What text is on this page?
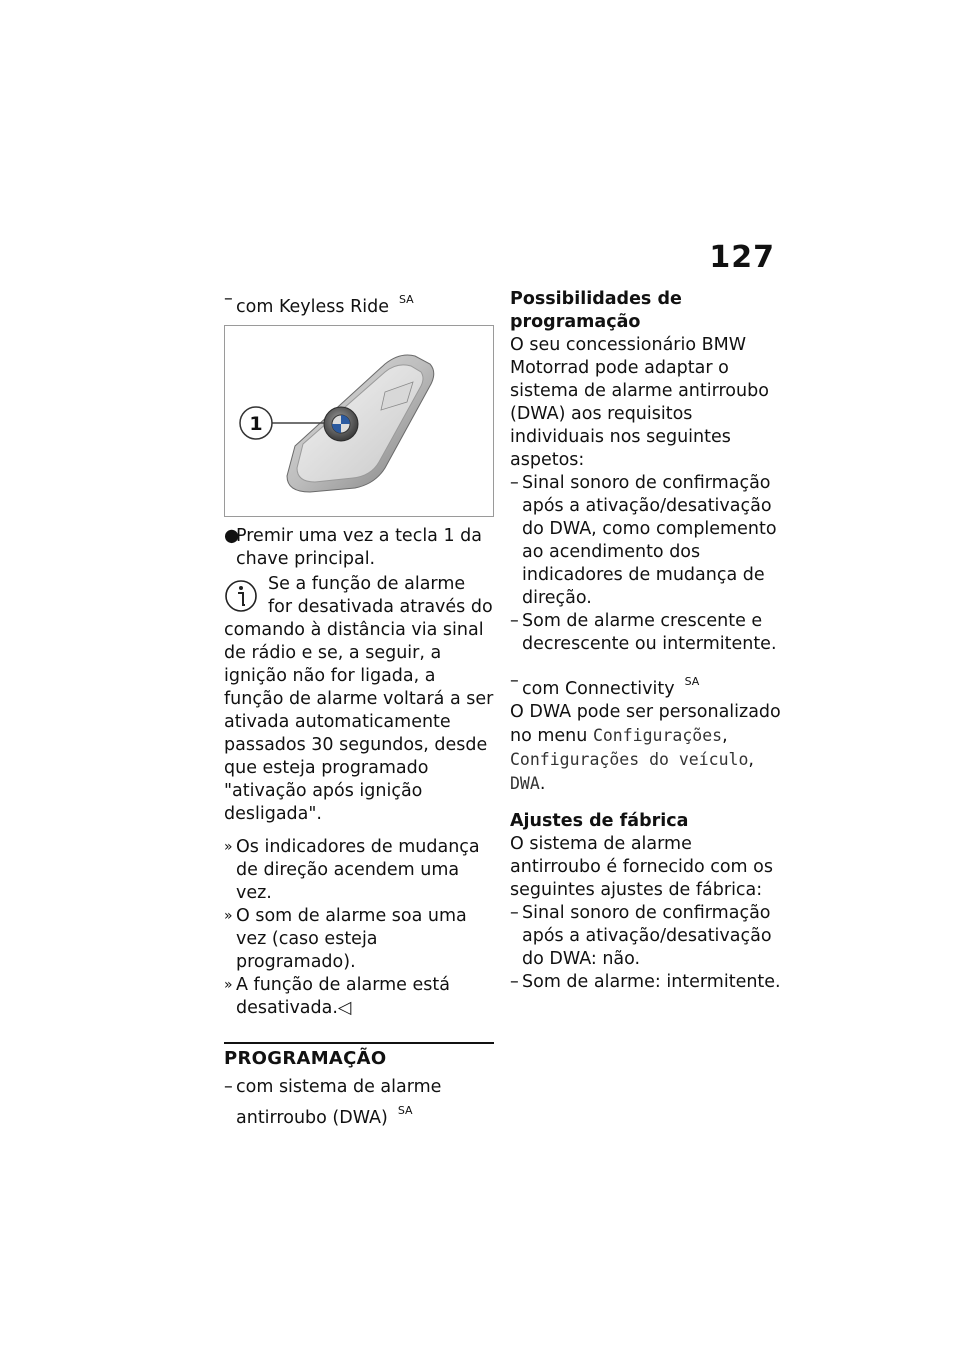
127

– com Keyless Ride $^{SA}$

1

●
Premir uma vez a tecla 1 da chave principal.

Se a função de alarme for desativada através do

comando à distância via sinal de rádio e se, a seguir, a ignição não for ligada, a função de alarme voltará a ser ativada automaticamente passados 30 segundos, desde que esteja programado "ativação após ignição desligada".

» Os indicadores de mudança de direção acendem uma vez.

» O som de alarme soa uma vez (caso esteja programado).

» A função de alarme está desativada.◁

PROGRAMAÇÃO

– com sistema de alarme antirroubo (DWA) $^{SA}$

Possibilidades de programação

O seu concessionário BMW Motorrad pode adaptar o sistema de alarme antirroubo (DWA) aos requisitos individuais nos seguintes aspetos:

– Sinal sonoro de confirmação após a ativação/desativação do DWA, como complemento ao acendimento dos indicadores de mudança de direção.

– Som de alarme crescente e decrescente ou intermitente.

– com Connectivity $^{SA}$

O DWA pode ser personalizado no menu Configurações, Configurações do veículo, DWA.

Ajustes de fábrica

O sistema de alarme antirroubo é fornecido com os seguintes ajustes de fábrica:

– Sinal sonoro de confirmação após a ativação/desativação do DWA: não.

– Som de alarme: intermitente.
